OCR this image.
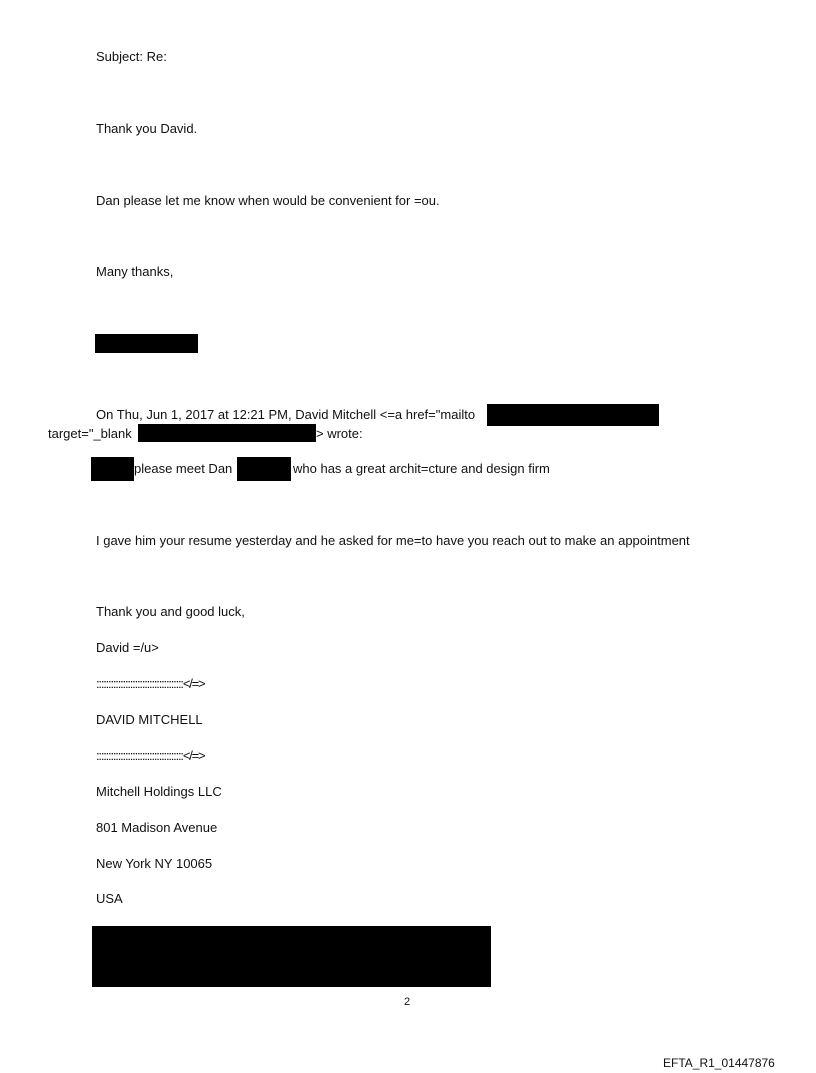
Subject: Re:
Thank you David.
Dan please let me know when would be convenient for =ou.
Many thanks,
On Thu, Jun 1, 2017 at 12:21 PM, David Mitchell <=a href="mailto
target="_blank	> wrote:
please meet Dan	who has a great archit=cture and design firm
I gave him your resume yesterday and he asked for me=to have you reach out to make an appointment
Thank you and good luck,
David =/u>
::::::::::::::::::::::::::::::::::::</=>
DAVID MITCHELL
::::::::::::::::::::::::::::::::::::</=>
Mitchell Holdings LLC
801 Madison Avenue
New York NY 10065
USA
2
EFTA_R1_01447876
